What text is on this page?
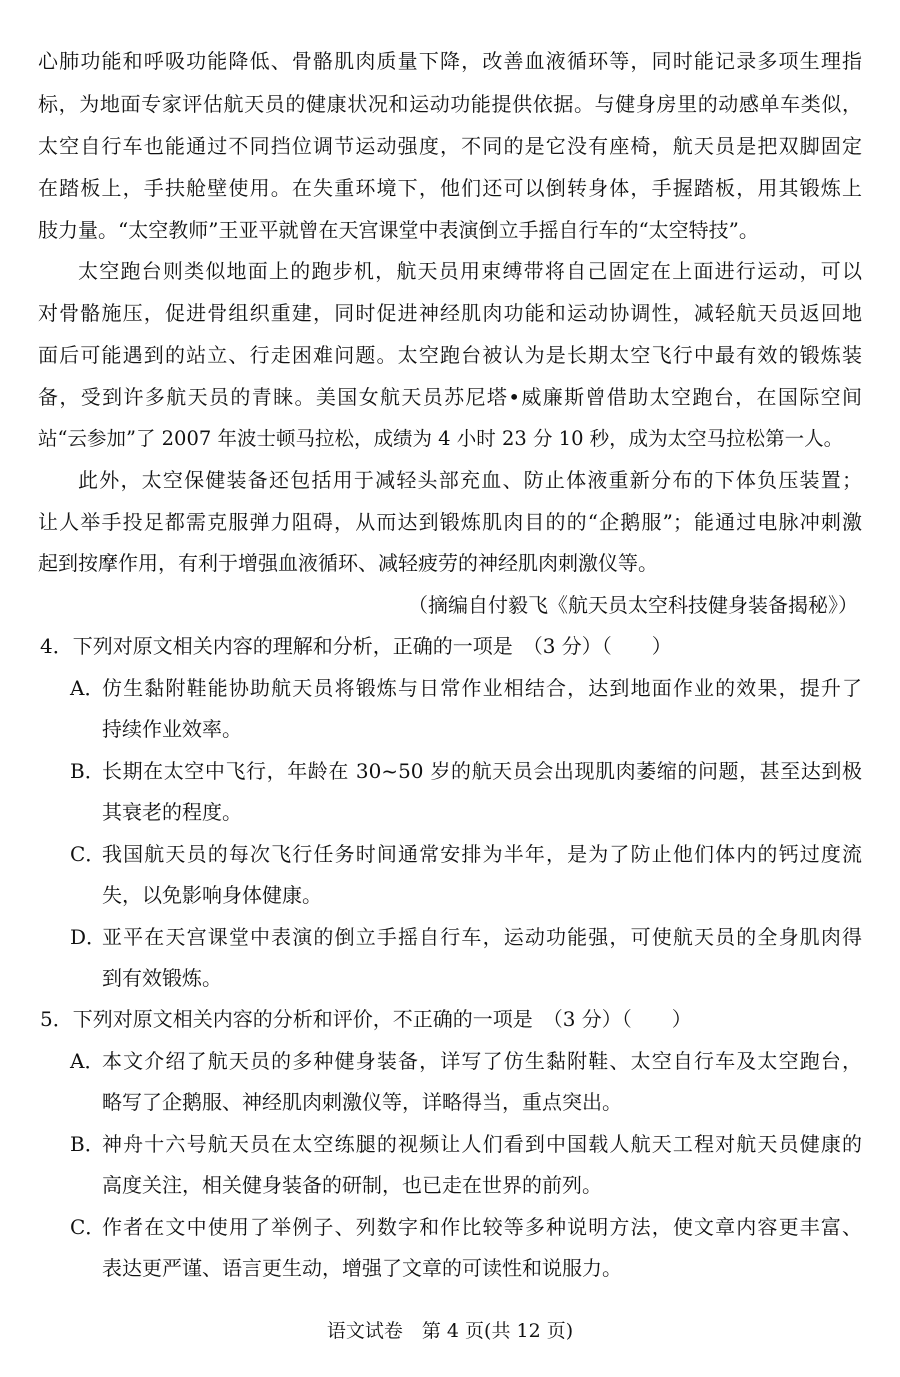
心肺功能和呼吸功能降低、骨骼肌肉质量下降，改善血液循环等，同时能记录多项生理指
标，为地面专家评估航天员的健康状况和运动功能提供依据。与健身房里的动感单车类似，
太空自行车也能通过不同挡位调节运动强度，不同的是它没有座椅，航天员是把双脚固定
在踏板上，手扶舱壁使用。在失重环境下，他们还可以倒转身体，手握踏板，用其锻炼上
肢力量。“太空教师”王亚平就曾在天宫课堂中表演倒立手摇自行车的“太空特技”。
太空跑台则类似地面上的跑步机，航天员用束缚带将自己固定在上面进行运动，可以
对骨骼施压，促进骨组织重建，同时促进神经肌肉功能和运动协调性，减轻航天员返回地
面后可能遇到的站立、行走困难问题。太空跑台被认为是长期太空飞行中最有效的锻炼装
备，受到许多航天员的青睐。美国女航天员苏尼塔•威廉斯曾借助太空跑台，在国际空间
站“云参加”了 2007 年波士顿马拉松，成绩为 4 小时 23 分 10 秒，成为太空马拉松第一人。
此外，太空保健装备还包括用于减轻头部充血、防止体液重新分布的下体负压装置；
让人举手投足都需克服弹力阻碍，从而达到锻炼肌肉目的的“企鹅服”；能通过电脉冲刺激
起到按摩作用，有利于增强血液循环、减轻疲劳的神经肌肉刺激仪等。
（摘编自付毅飞《航天员太空科技健身装备揭秘》）
4．下列对原文相关内容的理解和分析，正确的一项是　（3 分）（　　）
A．
仿生黏附鞋能协助航天员将锻炼与日常作业相结合，达到地面作业的效果，提升了
持续作业效率。
B．
长期在太空中飞行，年龄在 30~50 岁的航天员会出现肌肉萎缩的问题，甚至达到极
其衰老的程度。
C．
我国航天员的每次飞行任务时间通常安排为半年，是为了防止他们体内的钙过度流
失，以免影响身体健康。
D．
亚平在天宫课堂中表演的倒立手摇自行车，运动功能强，可使航天员的全身肌肉得
到有效锻炼。
5．下列对原文相关内容的分析和评价，不正确的一项是　（3 分）（　　）
A．
本文介绍了航天员的多种健身装备，详写了仿生黏附鞋、太空自行车及太空跑台，
略写了企鹅服、神经肌肉刺激仪等，详略得当，重点突出。
B．
神舟十六号航天员在太空练腿的视频让人们看到中国载人航天工程对航天员健康的
高度关注，相关健身装备的研制，也已走在世界的前列。
C．
作者在文中使用了举例子、列数字和作比较等多种说明方法，使文章内容更丰富、
表达更严谨、语言更生动，增强了文章的可读性和说服力。
语文试卷　第 4 页(共 12 页)
